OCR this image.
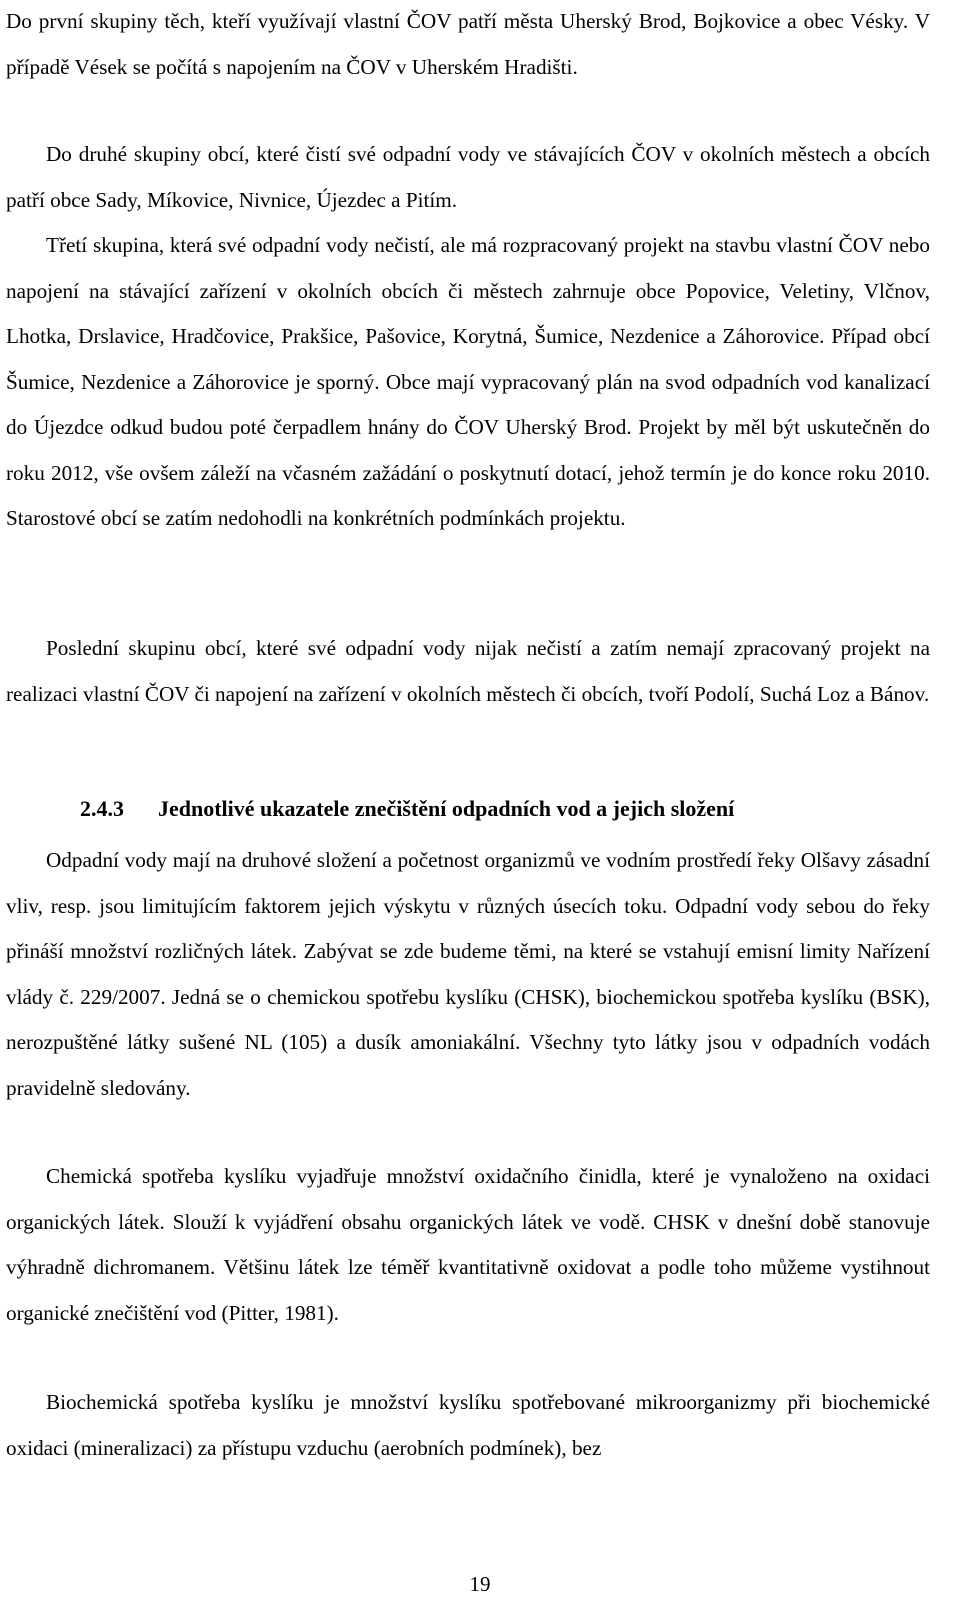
Do první skupiny těch, kteří využívají vlastní ČOV patří města Uherský Brod, Bojkovice a obec Vésky. V případě Vések se počítá s napojením na ČOV v Uherském Hradišti.

Do druhé skupiny obcí, které čistí své odpadní vody ve stávajících ČOV v okolních městech a obcích patří obce Sady, Míkovice, Nivnice, Újezdec a Pitím.

Třetí skupina, která své odpadní vody nečistí, ale má rozpracovaný projekt na stavbu vlastní ČOV nebo napojení na stávající zařízení v okolních obcích či městech zahrnuje obce Popovice, Veletiny, Vlčnov, Lhotka, Drslavice, Hradčovice, Prakšice, Pašovice, Korytná, Šumice, Nezdenice a Záhorovice. Případ obcí Šumice, Nezdenice a Záhorovice je sporný. Obce mají vypracovaný plán na svod odpadních vod kanalizací do Újezdce odkud budou poté čerpadlem hnány do ČOV Uherský Brod. Projekt by měl být uskutečněn do roku 2012, vše ovšem záleží na včasném zažádání o poskytnutí dotací, jehož termín je do konce roku 2010. Starostové obcí se zatím nedohodli na konkrétních podmínkách projektu.

Poslední skupinu obcí, které své odpadní vody nijak nečistí a zatím nemají zpracovaný projekt na realizaci vlastní ČOV či napojení na zařízení v okolních městech či obcích, tvoří Podolí, Suchá Loz a Bánov.

2.4.3 Jednotlivé ukazatele znečištění odpadních vod a jejich složení

Odpadní vody mají na druhové složení a početnost organizmů ve vodním prostředí řeky Olšavy zásadní vliv, resp. jsou limitujícím faktorem jejich výskytu v různých úsecích toku. Odpadní vody sebou do řeky přináší množství rozličných látek. Zabývat se zde budeme těmi, na které se vstahují emisní limity Nařízení vlády č. 229/2007. Jedná se o chemickou spotřebu kyslíku (CHSK), biochemickou spotřeba kyslíku (BSK), nerozpuštěné látky sušené NL (105) a dusík amoniakální. Všechny tyto látky jsou v odpadních vodách pravidelně sledovány.

Chemická spotřeba kyslíku vyjadřuje množství oxidačního činidla, které je vynaloženo na oxidaci organických látek. Slouží k vyjádření obsahu organických látek ve vodě. CHSK v dnešní době stanovuje výhradně dichromanem. Většinu látek lze téměř kvantitativně oxidovat a podle toho můžeme vystihnout organické znečištění vod (Pitter, 1981).

Biochemická spotřeba kyslíku je množství kyslíku spotřebované mikroorganizmy při biochemické oxidaci (mineralizaci) za přístupu vzduchu (aerobních podmínek), bez

19
